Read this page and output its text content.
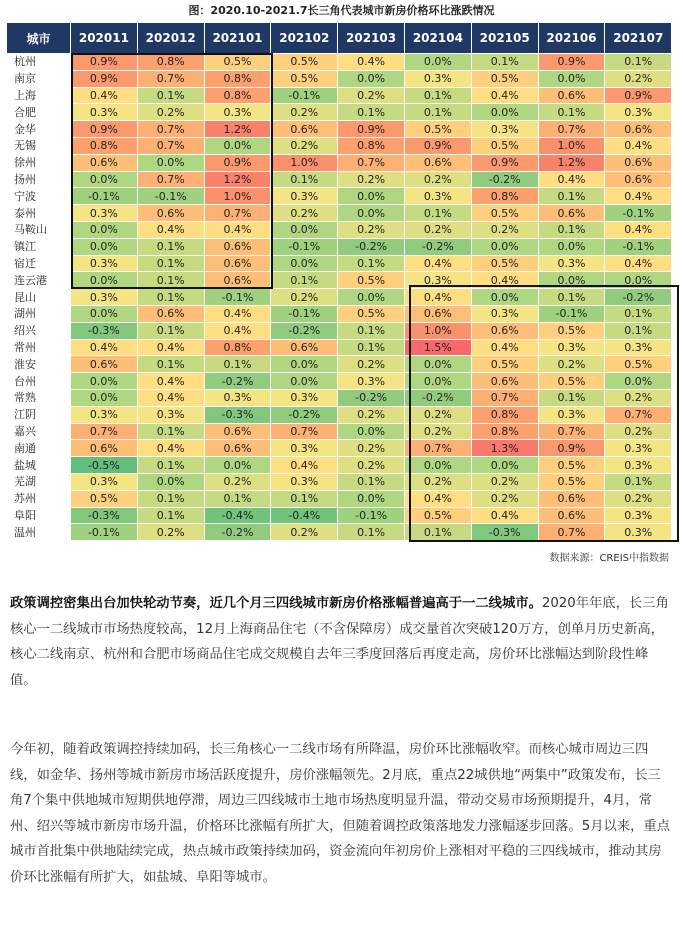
图：2020.10-2021.7长三角代表城市新房价格环比涨跌情况
城市	202011	202012	202101	202102	202103	202104	202105	202106	202107
杭州	0.9%	0.8%	0.5%	0.5%	0.4%	0.0%	0.1%	0.9%	0.1%
南京	0.9%	0.7%	0.8%	0.5%	0.0%	0.3%	0.5%	0.0%	0.2%
上海	0.4%	0.1%	0.8%	-0.1%	0.2%	0.1%	0.4%	0.6%	0.9%
合肥	0.3%	0.2%	0.3%	0.2%	0.1%	0.1%	0.0%	0.1%	0.3%
金华	0.9%	0.7%	1.2%	0.6%	0.9%	0.5%	0.3%	0.7%	0.6%
无锡	0.8%	0.7%	0.0%	0.2%	0.8%	0.9%	0.5%	1.0%	0.4%
徐州	0.6%	0.0%	0.9%	1.0%	0.7%	0.6%	0.9%	1.2%	0.6%
扬州	0.0%	0.7%	1.2%	0.1%	0.2%	0.2%	-0.2%	0.4%	0.6%
宁波	-0.1%	-0.1%	1.0%	0.3%	0.0%	0.3%	0.8%	0.1%	0.4%
泰州	0.3%	0.6%	0.7%	0.2%	0.0%	0.1%	0.5%	0.6%	-0.1%
马鞍山	0.0%	0.4%	0.4%	0.0%	0.2%	0.2%	0.2%	0.1%	0.4%
镇江	0.0%	0.1%	0.6%	-0.1%	-0.2%	-0.2%	0.0%	0.0%	-0.1%
宿迁	0.3%	0.1%	0.6%	0.0%	0.1%	0.4%	0.5%	0.3%	0.4%
连云港	0.0%	0.1%	0.6%	0.1%	0.5%	0.3%	0.4%	0.0%	0.0%
昆山	0.3%	0.1%	-0.1%	0.2%	0.0%	0.4%	0.0%	0.1%	-0.2%
湖州	0.0%	0.6%	0.4%	-0.1%	0.5%	0.6%	0.3%	-0.1%	0.1%
绍兴	-0.3%	0.1%	0.4%	-0.2%	0.1%	1.0%	0.6%	0.5%	0.1%
常州	0.4%	0.4%	0.8%	0.6%	0.1%	1.5%	0.4%	0.3%	0.3%
淮安	0.6%	0.1%	0.1%	0.0%	0.2%	0.0%	0.5%	0.2%	0.5%
台州	0.0%	0.4%	-0.2%	0.0%	0.3%	0.0%	0.6%	0.5%	0.0%
常熟	0.0%	0.4%	0.3%	0.3%	-0.2%	-0.2%	0.7%	0.1%	0.2%
江阴	0.3%	0.3%	-0.3%	-0.2%	0.2%	0.2%	0.8%	0.3%	0.7%
嘉兴	0.7%	0.1%	0.6%	0.7%	0.0%	0.2%	0.8%	0.7%	0.2%
南通	0.6%	0.4%	0.6%	0.3%	0.2%	0.7%	1.3%	0.9%	0.3%
盐城	-0.5%	0.1%	0.0%	0.4%	0.2%	0.0%	0.0%	0.5%	0.3%
芜湖	0.3%	0.0%	0.2%	0.3%	0.1%	0.2%	0.2%	0.5%	0.1%
苏州	0.5%	0.1%	0.1%	0.1%	0.0%	0.4%	0.2%	0.6%	0.2%
阜阳	-0.3%	0.1%	-0.4%	-0.4%	-0.1%	0.5%	0.4%	0.6%	0.3%
温州	-0.1%	0.2%	-0.2%	0.2%	0.1%	0.1%	-0.3%	0.7%	0.3%
数据来源：CREIS中指数据

政策调控密集出台加快轮动节奏，近几个月三四线城市新房价格涨幅普遍高于一二线城市。2020年年底，长三角核心一二线城市市场热度较高，12月上海商品住宅（不含保障房）成交量首次突破120万方，创单月历史新高，核心二线南京、杭州和合肥市场商品住宅成交规模自去年三季度回落后再度走高，房价环比涨幅达到阶段性峰值。

今年初，随着政策调控持续加码，长三角核心一二线市场有所降温，房价环比涨幅收窄。而核心城市周边三四线，如金华、扬州等城市新房市场活跃度提升，房价涨幅领先。2月底，重点22城供地“两集中”政策发布，长三角7个集中供地城市短期供地停滞，周边三四线城市土地市场热度明显升温，带动交易市场预期提升，4月，常州、绍兴等城市新房市场升温，价格环比涨幅有所扩大，但随着调控政策落地发力涨幅逐步回落。5月以来，重点城市首批集中供地陆续完成，热点城市政策持续加码，资金流向年初房价上涨相对平稳的三四线城市，推动其房价环比涨幅有所扩大，如盐城、阜阳等城市。
